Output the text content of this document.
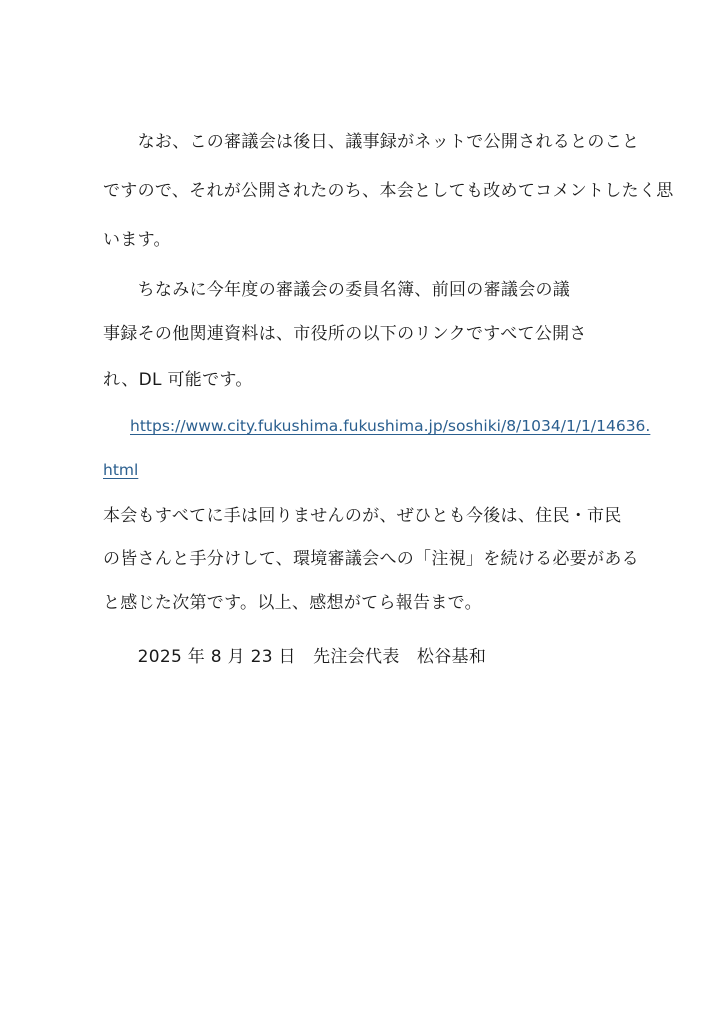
　　なお、この審議会は後日、議事録がネットで公開されるとのこと
ですので、それが公開されたのち、本会としても改めてコメントしたく思
います。
　　ちなみに今年度の審議会の委員名簿、前回の審議会の議
事録その他関連資料は、市役所の以下のリンクですべて公開さ
れ、DL 可能です。
https://www.city.fukushima.fukushima.jp/soshiki/8/1034/1/1/14636.
html
本会もすべてに手は回りませんのが、ぜひとも今後は、住民・市民
の皆さんと手分けして、環境審議会への「注視」を続ける必要がある
と感じた次第です。以上、感想がてら報告まで。
　　2025 年 8 月 23 日　先注会代表　松谷基和
